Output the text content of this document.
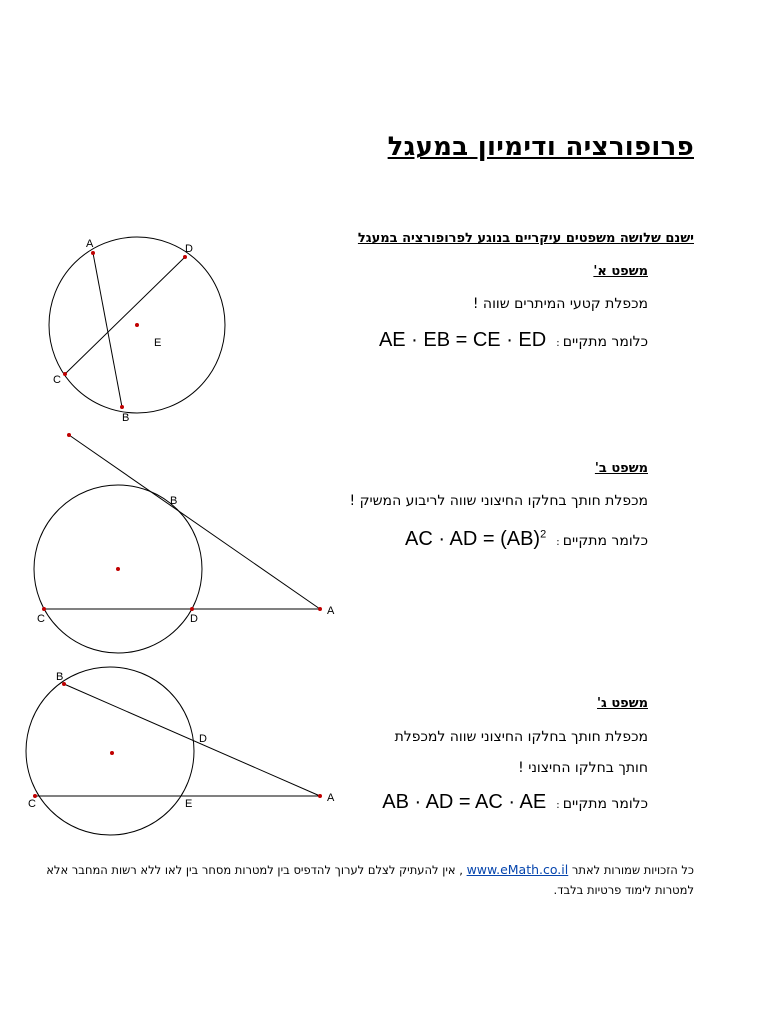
פרופורציה ודימיון במעגל
ישנם שלושה משפטים עיקריים בנוגע לפרופורציה במעגל
משפט א'
מכפלת קטעי המיתרים שווה !
AE · EB = CE · ED	כלומר מתקיים :
משפט ב'
מכפלת חותך בחלקו החיצוני שווה לריבוע המשיק !
AC · AD = (AB)$^2$	כלומר מתקיים :
משפט ג'
מכפלת חותך בחלקו החיצוני שווה למכפלת
חותך בחלקו החיצוני !
AB · AD = AC · AE	כלומר מתקיים :
A	D
E
C
B
B
C	D
A
B
D
C	E	A
כל הזכויות שמורות לאתר www.eMath.co.il , אין להעתיק לצלם לערוך להדפיס בין למטרות מסחר בין לאו ללא רשות המחבר אלא למטרות לימוד פרטיות בלבד.
